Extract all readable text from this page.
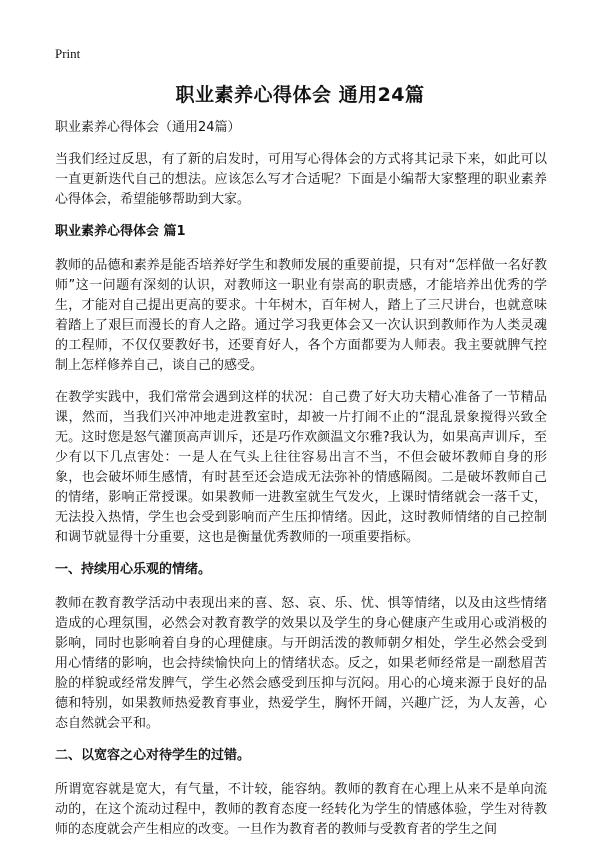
Print
职业素养心得体会 通用24篇

职业素养心得体会（通用24篇）

当我们经过反思，有了新的启发时，可用写心得体会的方式将其记录下来，如此可以一直更新迭代自己的想法。应该怎么写才合适呢？下面是小编帮大家整理的职业素养心得体会，希望能够帮助到大家。

职业素养心得体会 篇1

教师的品德和素养是能否培养好学生和教师发展的重要前提，只有对“怎样做一名好教师”这一问题有深刻的认识，对教师这一职业有崇高的职责感，才能培养出优秀的学生，才能对自己提出更高的要求。十年树木，百年树人，踏上了三尺讲台，也就意味着踏上了艰巨而漫长的育人之路。通过学习我更体会又一次认识到教师作为人类灵魂的工程师，不仅仅要教好书，还要育好人，各个方面都要为人师表。我主要就脾气控制上怎样修养自己，谈自己的感受。

在教学实践中，我们常常会遇到这样的状况：自己费了好大功夫精心准备了一节精品课，然而，当我们兴冲冲地走进教室时，却被一片打闹不止的“混乱景象搅得兴致全无。这时您是怒气灌顶高声训斥，还是巧作欢颜温文尔雅?我认为，如果高声训斥，至少有以下几点害处：一是人在气头上往往容易出言不当，不但会破坏教师自身的形象，也会破坏师生感情，有时甚至还会造成无法弥补的情感隔阂。二是破坏教师自己的情绪，影响正常授课。如果教师一进教室就生气发火，上课时情绪就会一落千丈，无法投入热情，学生也会受到影响而产生压抑情绪。因此，这时教师情绪的自己控制和调节就显得十分重要，这也是衡量优秀教师的一项重要指标。

一、持续用心乐观的情绪。

教师在教育教学活动中表现出来的喜、怒、哀、乐、忧、惧等情绪，以及由这些情绪造成的心理氛围，必然会对教育教学的效果以及学生的身心健康产生或用心或消极的影响，同时也影响着自身的心理健康。与开朗活泼的教师朝夕相处，学生必然会受到用心情绪的影响，也会持续愉快向上的情绪状态。反之，如果老师经常是一副愁眉苦脸的样貌或经常发脾气，学生必然会感受到压抑与沉闷。用心的心境来源于良好的品德和特别，如果教师热爱教育事业，热爱学生，胸怀开阔，兴趣广泛，为人友善，心态自然就会平和。

二、以宽容之心对待学生的过错。

所谓宽容就是宽大，有气量，不计较，能容纳。教师的教育在心理上从来不是单向流动的，在这个流动过程中，教师的教育态度一经转化为学生的情感体验，学生对待教师的态度就会产生相应的改变。一旦作为教育者的教师与受教育者的学生之间
